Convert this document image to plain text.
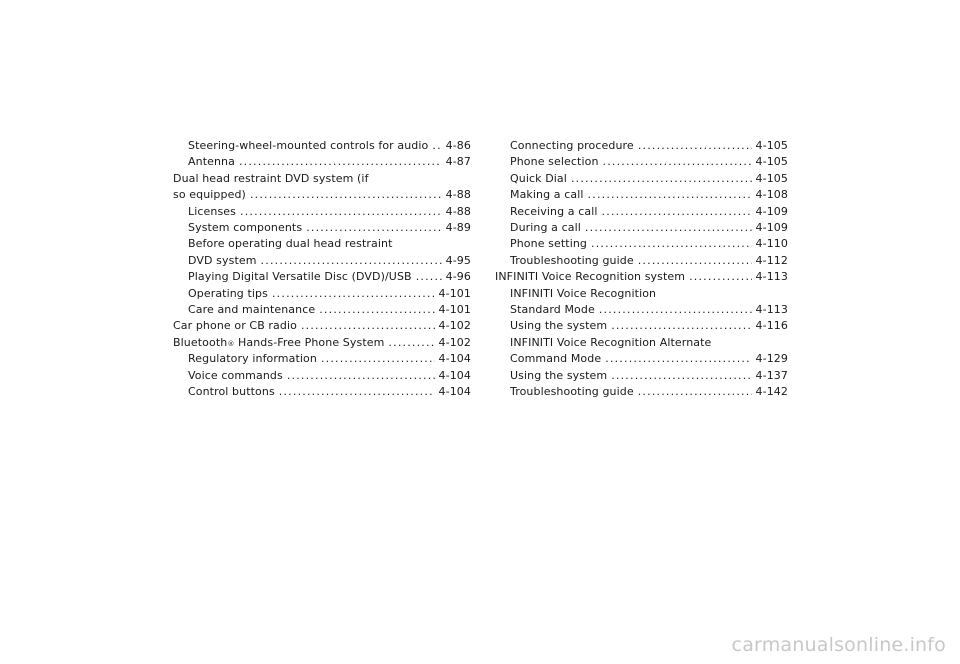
Steering-wheel-mounted controls for audio ..... 4-86
Antenna .....	4-87
Dual head restraint DVD system (if
so equipped) .....	4-88
Licenses .....	4-88
System components .....	4-89
Before operating dual head restraint
DVD system .....	4-95
Playing Digital Versatile Disc (DVD)/USB .....	4-96
Operating tips .....	4-101
Care and maintenance .....	4-101
Car phone or CB radio .....	4-102
Bluetooth ® Hands-Free Phone System .....	4-102
Regulatory information .....	4-104
Voice commands .....	4-104
Control buttons .....	4-104
Connecting procedure .....	4-105
Phone selection .....	4-105
Quick Dial .....	4-105
Making a call .....	4-108
Receiving a call .....	4-109
During a call .....	4-109
Phone setting .....	4-110
Troubleshooting guide .....	4-112
INFINITI Voice Recognition system .....	4-113
INFINITI Voice Recognition
Standard Mode .....	4-113
Using the system .....	4-116
INFINITI Voice Recognition Alternate
Command Mode .....	4-129
Using the system .....	4-137
Troubleshooting guide .....	4-142
carmanualsonline.info
